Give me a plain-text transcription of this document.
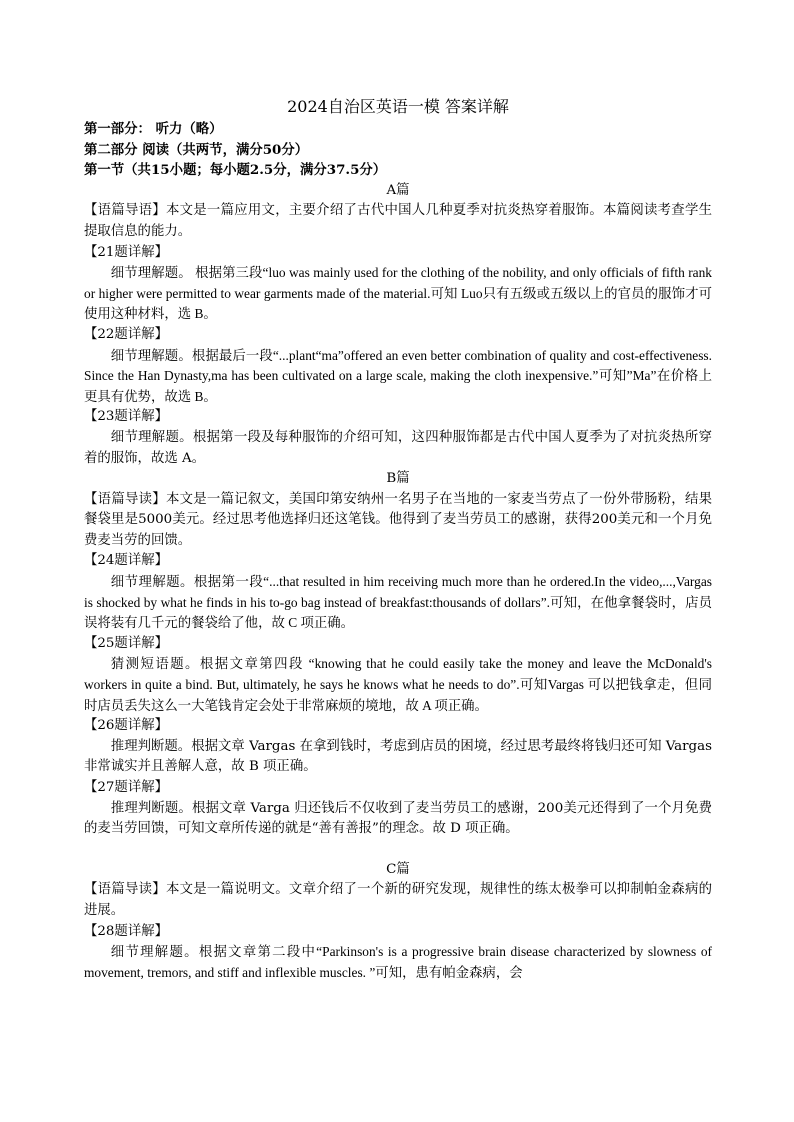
2024自治区英语一模 答案详解
第一部分： 听力（略）
第二部分 阅读（共两节，满分50分）
第一节（共15小题；每小题2.5分，满分37.5分）
A篇

【语篇导语】本文是一篇应用文，主要介绍了古代中国人几种夏季对抗炎热穿着服饰。本篇阅读考查学生提取信息的能力。

【21题详解】

细节理解题。 根据第三段“luo was mainly used for the clothing of the nobility, and only officials of fifth rank or higher were permitted to wear garments made of the material.可知 Luo只有五级或五级以上的官员的服饰才可使用这种材料，选 B。

【22题详解】

细节理解题。根据最后一段“...plant“ma”offered an even better combination of quality and cost-effectiveness. Since the Han Dynasty,ma has been cultivated on a large scale, making the cloth inexpensive.”可知”Ma”在价格上更具有优势，故选 B。

【23题详解】

细节理解题。根据第一段及每种服饰的介绍可知，这四种服饰都是古代中国人夏季为了对抗炎热所穿着的服饰，故选 A。

B篇

【语篇导读】本文是一篇记叙文，美国印第安纳州一名男子在当地的一家麦当劳点了一份外带肠粉，结果餐袋里是5000美元。经过思考他选择归还这笔钱。他得到了麦当劳员工的感谢，获得200美元和一个月免费麦当劳的回馈。

【24题详解】

细节理解题。根据第一段“...that resulted in him receiving much more than he ordered.In the video,...,Vargas is shocked by what he finds in his to-go bag instead of breakfast:thousands of dollars”.可知，在他拿餐袋时，店员误将装有几千元的餐袋给了他，故 C 项正确。

【25题详解】

猜测短语题。根据文章第四段 “knowing that he could easily take the money and leave the McDonald's workers in quite a bind. But, ultimately, he says he knows what he needs to do”.可知Vargas 可以把钱拿走，但同时店员丢失这么一大笔钱肯定会处于非常麻烦的境地，故 A 项正确。

【26题详解】

推理判断题。根据文章 Vargas 在拿到钱时，考虑到店员的困境，经过思考最终将钱归还可知 Vargas 非常诚实并且善解人意，故 B 项正确。

【27题详解】

推理判断题。根据文章 Varga 归还钱后不仅收到了麦当劳员工的感谢，200美元还得到了一个月免费的麦当劳回馈，可知文章所传递的就是“善有善报”的理念。故 D 项正确。

C篇

【语篇导读】本文是一篇说明文。文章介绍了一个新的研究发现，规律性的练太极拳可以抑制帕金森病的进展。

【28题详解】

细节理解题。根据文章第二段中“Parkinson's is a progressive brain disease characterized by slowness of movement, tremors, and stiff and inflexible muscles. ”可知，患有帕金森病，会
